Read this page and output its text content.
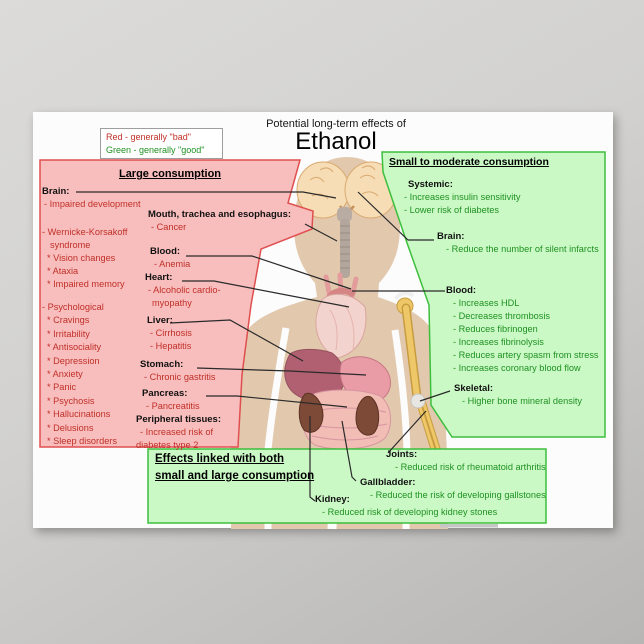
Potential long-term effects of
Ethanol
Red - generally "bad"
Green - generally "good"
Large consumption
Brain:
- Impaired development
- Wernicke-Korsakoff syndrome
* Vision changes
* Ataxia
* Impaired memory
- Psychological
* Cravings
* Irritability
* Antisociality
* Depression
* Anxiety
* Panic
* Psychosis
* Hallucinations
* Delusions
* Sleep disorders
Mouth, trachea and esophagus:
- Cancer
Blood:
- Anemia
Heart:
- Alcoholic cardio-myopathy
Liver:
- Cirrhosis
- Hepatitis
Stomach:
- Chronic gastritis
Pancreas:
- Pancreatitis
Peripheral tissues:
- Increased risk of diabetes type 2
Small to moderate consumption
Systemic:
- Increases insulin sensitivity
- Lower risk of diabetes
Brain:
- Reduce the number of silent infarcts
Blood:
- Increases HDL
- Decreases thrombosis
- Reduces fibrinogen
- Increases fibrinolysis
- Reduces artery spasm from stress
- Increases coronary blood flow
Skeletal:
- Higher bone mineral density
Effects linked with both
small and large consumption
Joints:
- Reduced risk of rheumatoid arthritis
Gallbladder:
- Reduced the risk of developing gallstones
Kidney:
- Reduced risk of developing kidney stones
